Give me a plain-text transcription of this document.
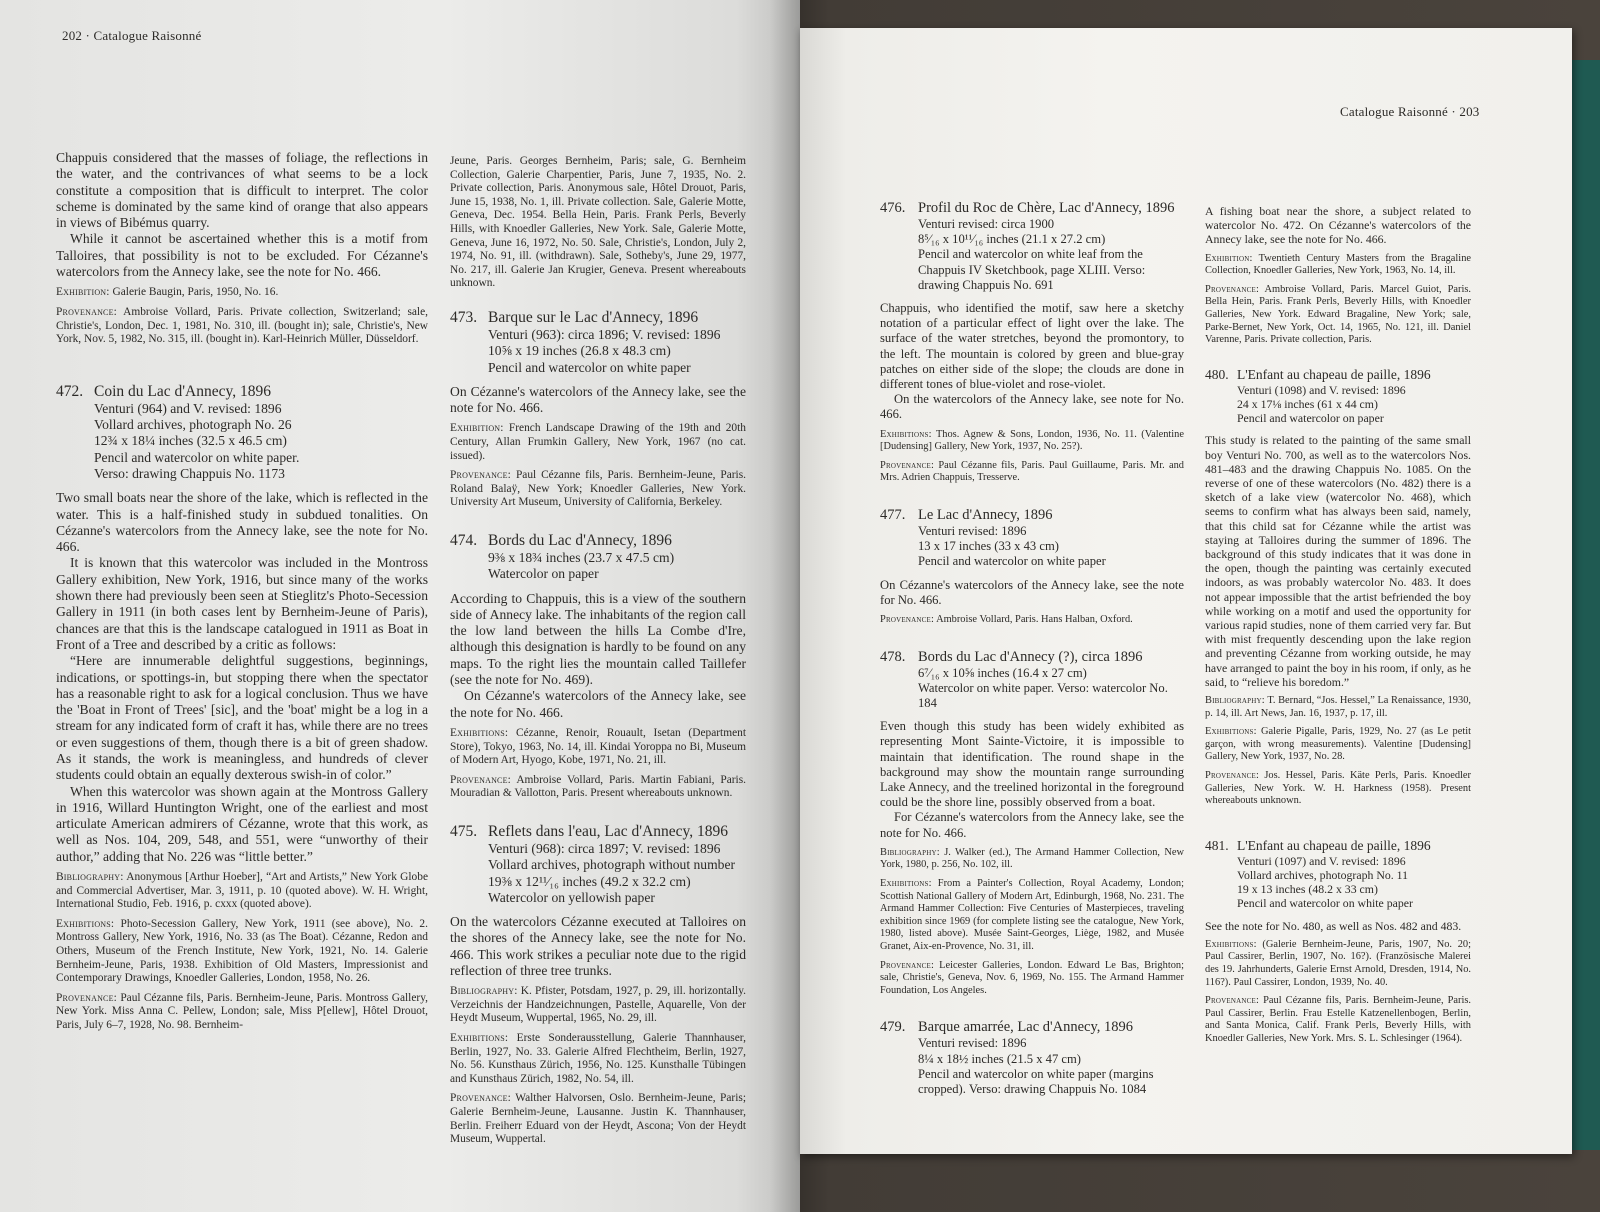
202 · Catalogue Raisonné

Chappuis considered that the masses of foliage, the reflections in the water, and the contrivances of what seems to be a lock constitute a composition that is difficult to interpret. The color scheme is dominated by the same kind of orange that also appears in views of Bibémus quarry.

While it cannot be ascertained whether this is a motif from Talloires, that possibility is not to be excluded. For Cézanne's watercolors from the Annecy lake, see the note for No. 466.

Exhibition: Galerie Baugin, Paris, 1950, No. 16.

Provenance: Ambroise Vollard, Paris. Private collection, Switzerland; sale, Christie's, London, Dec. 1, 1981, No. 310, ill. (bought in); sale, Christie's, New York, Nov. 5, 1982, No. 315, ill. (bought in). Karl-Heinrich Müller, Düsseldorf.

472. Coin du Lac d'Annecy, 1896
Venturi (964) and V. revised: 1896
Vollard archives, photograph No. 26
12¾ x 18¼ inches (32.5 x 46.5 cm)
Pencil and watercolor on white paper.
Verso: drawing Chappuis No. 1173

Two small boats near the shore of the lake, which is reflected in the water. This is a half-finished study in subdued tonalities. On Cézanne's watercolors from the Annecy lake, see the note for No. 466.

It is known that this watercolor was included in the Montross Gallery exhibition, New York, 1916, but since many of the works shown there had previously been seen at Stieglitz's Photo-Secession Gallery in 1911 (in both cases lent by Bernheim-Jeune of Paris), chances are that this is the landscape catalogued in 1911 as Boat in Front of a Tree and described by a critic as follows:

“Here are innumerable delightful suggestions, beginnings, indications, or spottings-in, but stopping there when the spectator has a reasonable right to ask for a logical conclusion. Thus we have the 'Boat in Front of Trees' [sic], and the 'boat' might be a log in a stream for any indicated form of craft it has, while there are no trees or even suggestions of them, though there is a bit of green shadow. As it stands, the work is meaningless, and hundreds of clever students could obtain an equally dexterous swish-in of color.”

When this watercolor was shown again at the Montross Gallery in 1916, Willard Huntington Wright, one of the earliest and most articulate American admirers of Cézanne, wrote that this work, as well as Nos. 104, 209, 548, and 551, were “unworthy of their author,” adding that No. 226 was “little better.”

Bibliography: Anonymous [Arthur Hoeber], “Art and Artists,” New York Globe and Commercial Advertiser, Mar. 3, 1911, p. 10 (quoted above). W. H. Wright, International Studio, Feb. 1916, p. cxxx (quoted above).

Exhibitions: Photo-Secession Gallery, New York, 1911 (see above), No. 2. Montross Gallery, New York, 1916, No. 33 (as The Boat). Cézanne, Redon and Others, Museum of the French Institute, New York, 1921, No. 14. Galerie Bernheim-Jeune, Paris, 1938. Exhibition of Old Masters, Impressionist and Contemporary Drawings, Knoedler Galleries, London, 1958, No. 26.

Provenance: Paul Cézanne fils, Paris. Bernheim-Jeune, Paris. Montross Gallery, New York. Miss Anna C. Pellew, London; sale, Miss P[ellew], Hôtel Drouot, Paris, July 6–7, 1928, No. 98. Bernheim-

Jeune, Paris. Georges Bernheim, Paris; sale, G. Bernheim Collection, Galerie Charpentier, Paris, June 7, 1935, No. 2. Private collection, Paris. Anonymous sale, Hôtel Drouot, Paris, June 15, 1938, No. 1, ill. Private collection. Sale, Galerie Motte, Geneva, Dec. 1954. Bella Hein, Paris. Frank Perls, Beverly Hills, with Knoedler Galleries, New York. Sale, Galerie Motte, Geneva, June 16, 1972, No. 50. Sale, Christie's, London, July 2, 1974, No. 91, ill. (withdrawn). Sale, Sotheby's, June 29, 1977, No. 217, ill. Galerie Jan Krugier, Geneva. Present whereabouts unknown.

473. Barque sur le Lac d'Annecy, 1896
Venturi (963): circa 1896; V. revised: 1896
10⅝ x 19 inches (26.8 x 48.3 cm)
Pencil and watercolor on white paper

On Cézanne's watercolors of the Annecy lake, see the note for No. 466.

Exhibition: French Landscape Drawing of the 19th and 20th Century, Allan Frumkin Gallery, New York, 1967 (no cat. issued).

Provenance: Paul Cézanne fils, Paris. Bernheim-Jeune, Paris. Roland Balaÿ, New York; Knoedler Galleries, New York. University Art Museum, University of California, Berkeley.

474. Bords du Lac d'Annecy, 1896
9⅜ x 18¾ inches (23.7 x 47.5 cm)
Watercolor on paper

According to Chappuis, this is a view of the southern side of Annecy lake. The inhabitants of the region call the low land between the hills La Combe d'Ire, although this designation is hardly to be found on any maps. To the right lies the mountain called Taillefer (see the note for No. 469).

On Cézanne's watercolors of the Annecy lake, see the note for No. 466.

Exhibitions: Cézanne, Renoir, Rouault, Isetan (Department Store), Tokyo, 1963, No. 14, ill. Kindai Yoroppa no Bi, Museum of Modern Art, Hyogo, Kobe, 1971, No. 21, ill.

Provenance: Ambroise Vollard, Paris. Martin Fabiani, Paris. Mouradian & Vallotton, Paris. Present whereabouts unknown.

475. Reflets dans l'eau, Lac d'Annecy, 1896
Venturi (968): circa 1897; V. revised: 1896
Vollard archives, photograph without number
19⅜ x 12¹¹⁄₁₆ inches (49.2 x 32.2 cm)
Watercolor on yellowish paper

On the watercolors Cézanne executed at Talloires on the shores of the Annecy lake, see the note for No. 466. This work strikes a peculiar note due to the rigid reflection of three tree trunks.

Bibliography: K. Pfister, Potsdam, 1927, p. 29, ill. horizontally. Verzeichnis der Handzeichnungen, Pastelle, Aquarelle, Von der Heydt Museum, Wuppertal, 1965, No. 29, ill.

Exhibitions: Erste Sonderausstellung, Galerie Thannhauser, Berlin, 1927, No. 33. Galerie Alfred Flechtheim, Berlin, 1927, No. 56. Kunsthaus Zürich, 1956, No. 125. Kunsthalle Tübingen and Kunsthaus Zürich, 1982, No. 54, ill.

Provenance: Walther Halvorsen, Oslo. Bernheim-Jeune, Paris; Galerie Bernheim-Jeune, Lausanne. Justin K. Thannhauser, Berlin. Freiherr Eduard von der Heydt, Ascona; Von der Heydt Museum, Wuppertal.

Catalogue Raisonné · 203
476. Profil du Roc de Chère, Lac d'Annecy, 1896
Venturi revised: circa 1900
8⁵⁄₁₆ x 10¹¹⁄₁₆ inches (21.1 x 27.2 cm)
Pencil and watercolor on white leaf from the Chappuis IV Sketchbook, page XLIII. Verso: drawing Chappuis No. 691

Chappuis, who identified the motif, saw here a sketchy notation of a particular effect of light over the lake. The surface of the water stretches, beyond the promontory, to the left. The mountain is colored by green and blue-gray patches on either side of the slope; the clouds are done in different tones of blue-violet and rose-violet.

On the watercolors of the Annecy lake, see note for No. 466.

Exhibitions: Thos. Agnew & Sons, London, 1936, No. 11. (Valentine [Dudensing] Gallery, New York, 1937, No. 25?).

Provenance: Paul Cézanne fils, Paris. Paul Guillaume, Paris. Mr. and Mrs. Adrien Chappuis, Tresserve.

477. Le Lac d'Annecy, 1896
Venturi revised: 1896
13 x 17 inches (33 x 43 cm)
Pencil and watercolor on white paper

On Cézanne's watercolors of the Annecy lake, see the note for No. 466.

Provenance: Ambroise Vollard, Paris. Hans Halban, Oxford.

478. Bords du Lac d'Annecy (?), circa 1896
6⁷⁄₁₆ x 10⅝ inches (16.4 x 27 cm)
Watercolor on white paper. Verso: watercolor No. 184

Even though this study has been widely exhibited as representing Mont Sainte-Victoire, it is impossible to maintain that identification. The round shape in the background may show the mountain range surrounding Lake Annecy, and the treelined horizontal in the foreground could be the shore line, possibly observed from a boat.

For Cézanne's watercolors from the Annecy lake, see the note for No. 466.

Bibliography: J. Walker (ed.), The Armand Hammer Collection, New York, 1980, p. 256, No. 102, ill.

Exhibitions: From a Painter's Collection, Royal Academy, London; Scottish National Gallery of Modern Art, Edinburgh, 1968, No. 231. The Armand Hammer Collection: Five Centuries of Masterpieces, traveling exhibition since 1969 (for complete listing see the catalogue, New York, 1980, listed above). Musée Saint-Georges, Liège, 1982, and Musée Granet, Aix-en-Provence, No. 31, ill.

Provenance: Leicester Galleries, London. Edward Le Bas, Brighton; sale, Christie's, Geneva, Nov. 6, 1969, No. 155. The Armand Hammer Foundation, Los Angeles.

479. Barque amarrée, Lac d'Annecy, 1896
Venturi revised: 1896
8¼ x 18½ inches (21.5 x 47 cm)
Pencil and watercolor on white paper (margins cropped). Verso: drawing Chappuis No. 1084

A fishing boat near the shore, a subject related to watercolor No. 472. On Cézanne's watercolors of the Annecy lake, see the note for No. 466.

Exhibition: Twentieth Century Masters from the Bragaline Collection, Knoedler Galleries, New York, 1963, No. 14, ill.

Provenance: Ambroise Vollard, Paris. Marcel Guiot, Paris. Bella Hein, Paris. Frank Perls, Beverly Hills, with Knoedler Galleries, New York. Edward Bragaline, New York; sale, Parke-Bernet, New York, Oct. 14, 1965, No. 121, ill. Daniel Varenne, Paris. Private collection, Paris.

480. L'Enfant au chapeau de paille, 1896
Venturi (1098) and V. revised: 1896
24 x 17⅛ inches (61 x 44 cm)
Pencil and watercolor on paper

This study is related to the painting of the same small boy Venturi No. 700, as well as to the watercolors Nos. 481–483 and the drawing Chappuis No. 1085. On the reverse of one of these watercolors (No. 482) there is a sketch of a lake view (watercolor No. 468), which seems to confirm what has always been said, namely, that this child sat for Cézanne while the artist was staying at Talloires during the summer of 1896. The background of this study indicates that it was done in the open, though the painting was certainly executed indoors, as was probably watercolor No. 483. It does not appear impossible that the artist befriended the boy while working on a motif and used the opportunity for various rapid studies, none of them carried very far. But with mist frequently descending upon the lake region and preventing Cézanne from working outside, he may have arranged to paint the boy in his room, if only, as he said, to “relieve his boredom.”

Bibliography: T. Bernard, “Jos. Hessel,” La Renaissance, 1930, p. 14, ill. Art News, Jan. 16, 1937, p. 17, ill.

Exhibitions: Galerie Pigalle, Paris, 1929, No. 27 (as Le petit garçon, with wrong measurements). Valentine [Dudensing] Gallery, New York, 1937, No. 28.

Provenance: Jos. Hessel, Paris. Käte Perls, Paris. Knoedler Galleries, New York. W. H. Harkness (1958). Present whereabouts unknown.

481. L'Enfant au chapeau de paille, 1896
Venturi (1097) and V. revised: 1896
Vollard archives, photograph No. 11
19 x 13 inches (48.2 x 33 cm)
Pencil and watercolor on white paper

See the note for No. 480, as well as Nos. 482 and 483.

Exhibitions: (Galerie Bernheim-Jeune, Paris, 1907, No. 20; Paul Cassirer, Berlin, 1907, No. 16?). (Französische Malerei des 19. Jahrhunderts, Galerie Ernst Arnold, Dresden, 1914, No. 116?). Paul Cassirer, London, 1939, No. 40.

Provenance: Paul Cézanne fils, Paris. Bernheim-Jeune, Paris. Paul Cassirer, Berlin. Frau Estelle Katzenellenbogen, Berlin, and Santa Monica, Calif. Frank Perls, Beverly Hills, with Knoedler Galleries, New York. Mrs. S. L. Schlesinger (1964).
